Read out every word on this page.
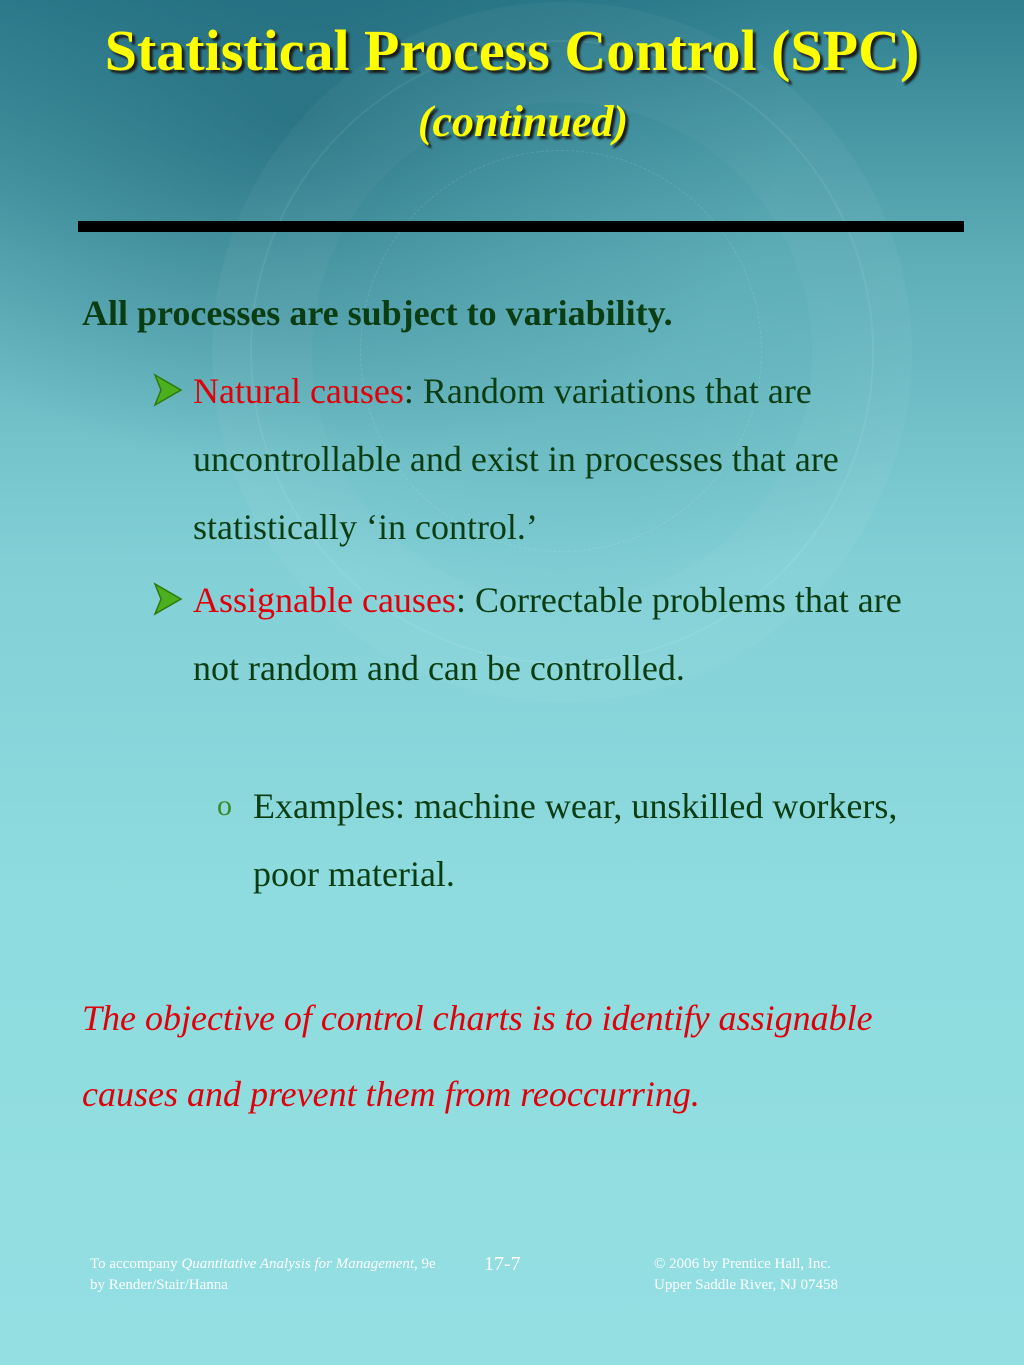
Statistical Process Control (SPC)(continued)
All processes are subject to variability.
Natural causes: Random variations that are uncontrollable and exist in processes that are statistically ‘in control.’
Assignable causes: Correctable problems that are not random and can be controlled.
o Examples: machine wear, unskilled workers, poor material.
The objective of control charts is to identify assignable causes and prevent them from reoccurring.
To accompany Quantitative Analysis for Management, 9e
by Render/Stair/Hanna
17-7	© 2006 by Prentice Hall, Inc.
Upper Saddle River, NJ 07458
